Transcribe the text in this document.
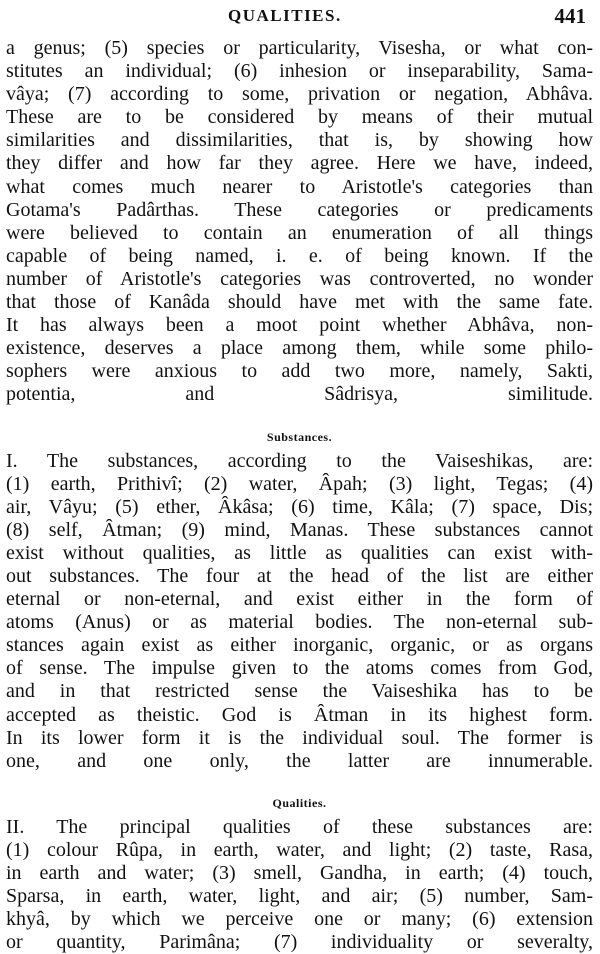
QUALITIES.	441
a genus; (5) species or particularity, Visesha, or what con-
stitutes an individual; (6) inhesion or inseparability, Sama-
vâya; (7) according to some, privation or negation, Abhâva.
These are to be considered by means of their mutual
similarities and dissimilarities, that is, by showing how
they differ and how far they agree. Here we have, indeed,
what comes much nearer to Aristotle's categories than
Gotama's Padârthas. These categories or predicaments
were believed to contain an enumeration of all things
capable of being named, i. e. of being known. If the
number of Aristotle's categories was controverted, no wonder
that those of Kanâda should have met with the same fate.
It has always been a moot point whether Abhâva, non-
existence, deserves a place among them, while some philo-
sophers were anxious to add two more, namely, Sakti,
potentia, and Sâdrisya, similitude.
Substances.
I. The substances, according to the Vaiseshikas, are:
(1) earth, Prithivî; (2) water, Âpah; (3) light, Tegas; (4)
air, Vâyu; (5) ether, Âkâsa; (6) time, Kâla; (7) space, Dis;
(8) self, Âtman; (9) mind, Manas. These substances cannot
exist without qualities, as little as qualities can exist with-
out substances. The four at the head of the list are either
eternal or non-eternal, and exist either in the form of
atoms (Anus) or as material bodies. The non-eternal sub-
stances again exist as either inorganic, organic, or as organs
of sense. The impulse given to the atoms comes from God,
and in that restricted sense the Vaiseshika has to be
accepted as theistic. God is Âtman in its highest form.
In its lower form it is the individual soul. The former is
one, and one only, the latter are innumerable.
Qualities.
II. The principal qualities of these substances are:
(1) colour Rûpa, in earth, water, and light; (2) taste, Rasa,
in earth and water; (3) smell, Gandha, in earth; (4) touch,
Sparsa, in earth, water, light, and air; (5) number, Sam-
khyâ, by which we perceive one or many; (6) extension
or quantity, Parimâna; (7) individuality or severalty,
